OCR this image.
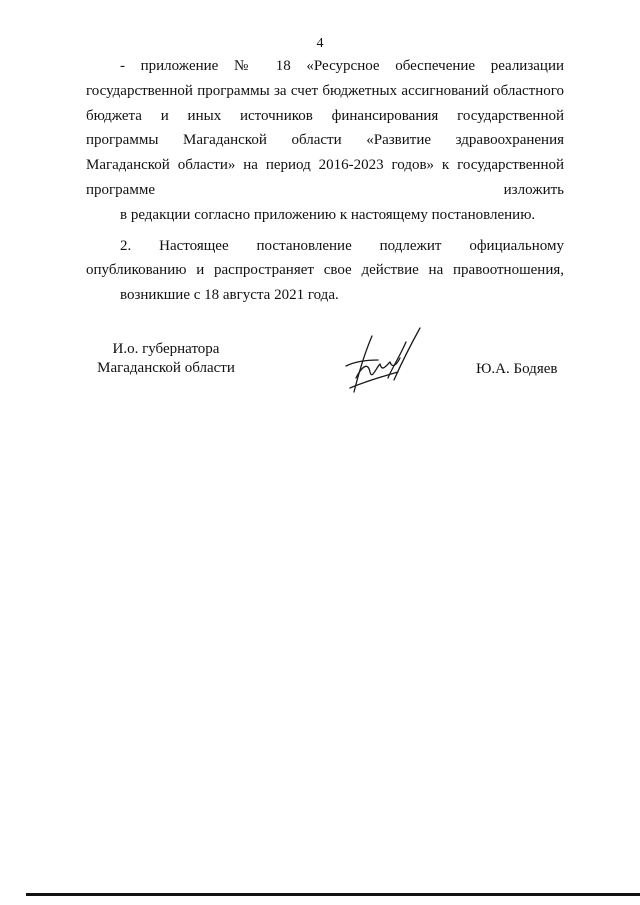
4

- приложение № 18 «Ресурсное обеспечение реализации государственной программы за счет бюджетных ассигнований областного бюджета и иных источников финансирования государственной программы Магаданской области «Развитие здравоохранения Магаданской области» на период 2016-2023 годов» к государственной программе изложить
в редакции согласно приложению к настоящему постановлению.

2. Настоящее постановление подлежит официальному опубликованию и распространяет свое действие на правоотношения,
возникшие с 18 августа 2021 года.

И.о. губернатора
Магаданской области	Ю.А. Бодяев
